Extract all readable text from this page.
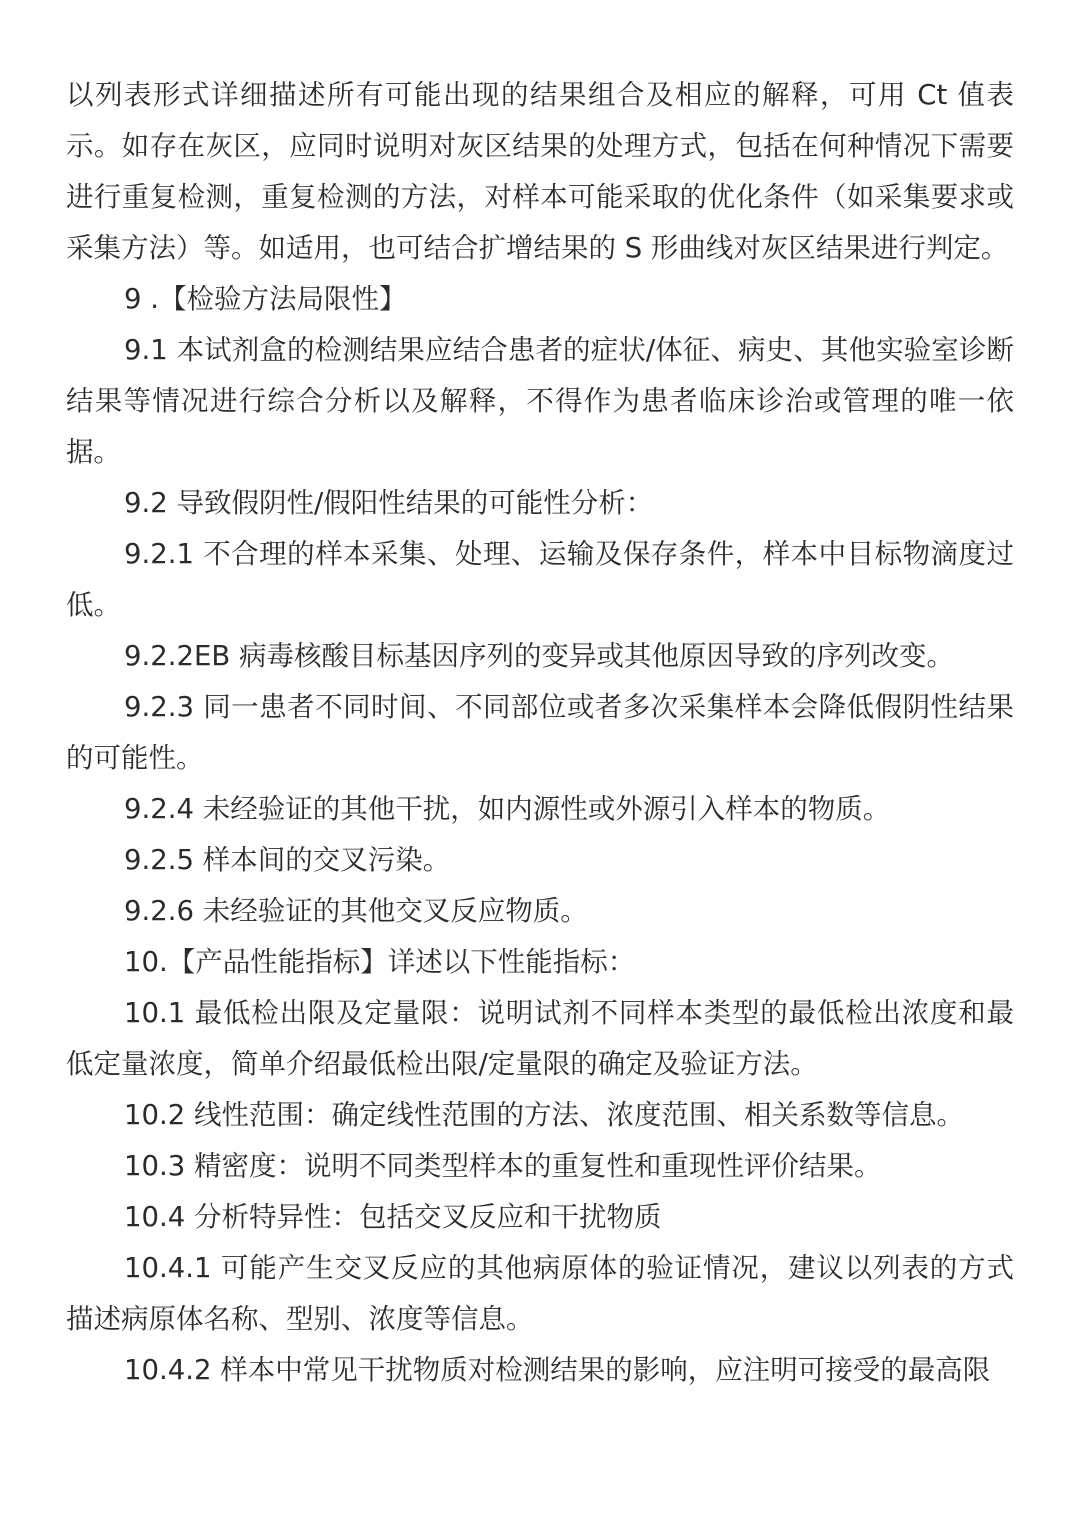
以列表形式详细描述所有可能出现的结果组合及相应的解释，可用 Ct 值表示。如存在灰区，应同时说明对灰区结果的处理方式，包括在何种情况下需要进行重复检测，重复检测的方法，对样本可能采取的优化条件（如采集要求或采集方法）等。如适用，也可结合扩增结果的 S 形曲线对灰区结果进行判定。

9 .【检验方法局限性】

9.1 本试剂盒的检测结果应结合患者的症状/体征、病史、其他实验室诊断结果等情况进行综合分析以及解释，不得作为患者临床诊治或管理的唯一依据。

9.2 导致假阴性/假阳性结果的可能性分析：

9.2.1 不合理的样本采集、处理、运输及保存条件，样本中目标物滴度过低。

9.2.2EB 病毒核酸目标基因序列的变异或其他原因导致的序列改变。

9.2.3 同一患者不同时间、不同部位或者多次采集样本会降低假阴性结果的可能性。

9.2.4 未经验证的其他干扰，如内源性或外源引入样本的物质。

9.2.5 样本间的交叉污染。

9.2.6 未经验证的其他交叉反应物质。

10.【产品性能指标】详述以下性能指标：

10.1 最低检出限及定量限：说明试剂不同样本类型的最低检出浓度和最低定量浓度，简单介绍最低检出限/定量限的确定及验证方法。

10.2 线性范围：确定线性范围的方法、浓度范围、相关系数等信息。

10.3 精密度：说明不同类型样本的重复性和重现性评价结果。

10.4 分析特异性：包括交叉反应和干扰物质

10.4.1 可能产生交叉反应的其他病原体的验证情况，建议以列表的方式描述病原体名称、型别、浓度等信息。

10.4.2 样本中常见干扰物质对检测结果的影响，应注明可接受的最高限
